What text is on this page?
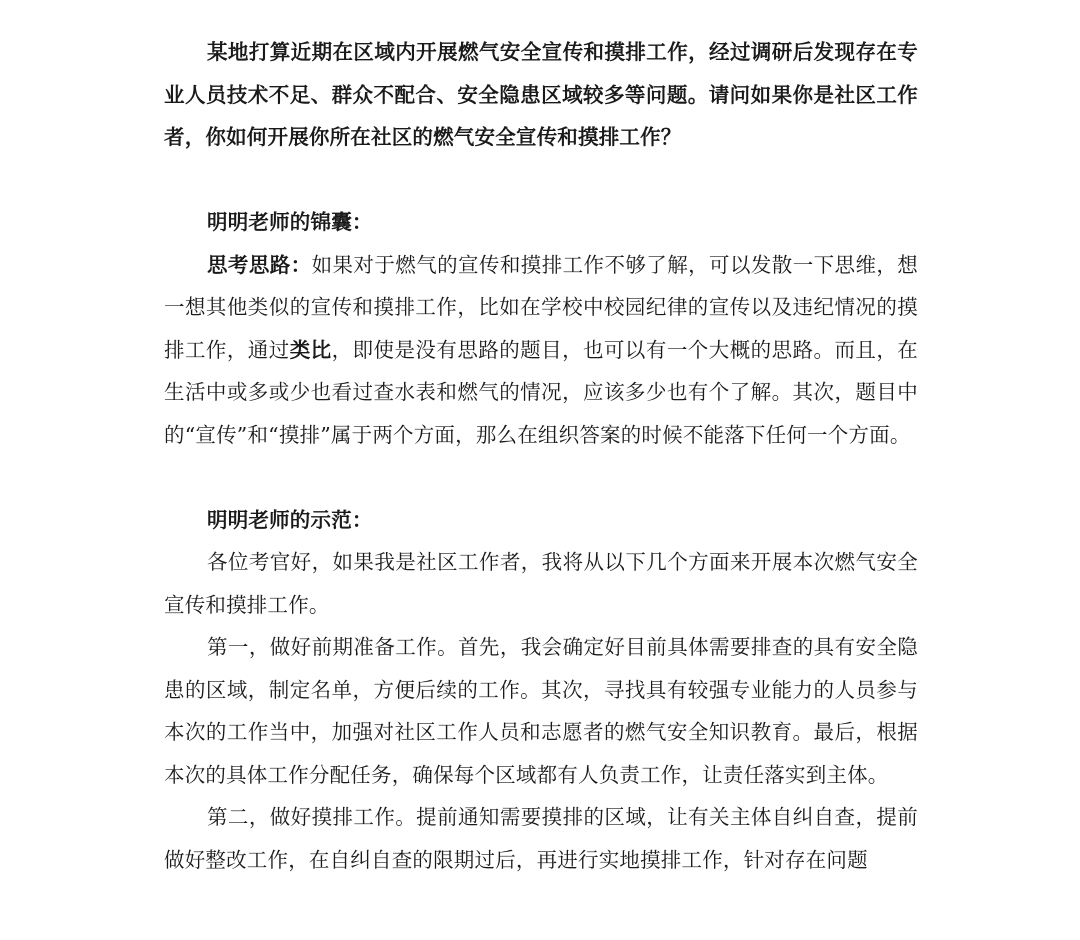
某地打算近期在区域内开展燃气安全宣传和摸排工作，经过调研后发现存在专业人员技术不足、群众不配合、安全隐患区域较多等问题。请问如果你是社区工作者，你如何开展你所在社区的燃气安全宣传和摸排工作？

明明老师的锦囊：

思考思路：如果对于燃气的宣传和摸排工作不够了解，可以发散一下思维，想一想其他类似的宣传和摸排工作，比如在学校中校园纪律的宣传以及违纪情况的摸排工作，通过类比，即使是没有思路的题目，也可以有一个大概的思路。而且，在生活中或多或少也看过查水表和燃气的情况，应该多少也有个了解。其次，题目中的“宣传”和“摸排”属于两个方面，那么在组织答案的时候不能落下任何一个方面。

明明老师的示范：

各位考官好，如果我是社区工作者，我将从以下几个方面来开展本次燃气安全宣传和摸排工作。

第一，做好前期准备工作。首先，我会确定好目前具体需要排查的具有安全隐患的区域，制定名单，方便后续的工作。其次，寻找具有较强专业能力的人员参与本次的工作当中，加强对社区工作人员和志愿者的燃气安全知识教育。最后，根据本次的具体工作分配任务，确保每个区域都有人负责工作，让责任落实到主体。

第二，做好摸排工作。提前通知需要摸排的区域，让有关主体自纠自查，提前做好整改工作，在自纠自查的限期过后，再进行实地摸排工作，针对存在问题
